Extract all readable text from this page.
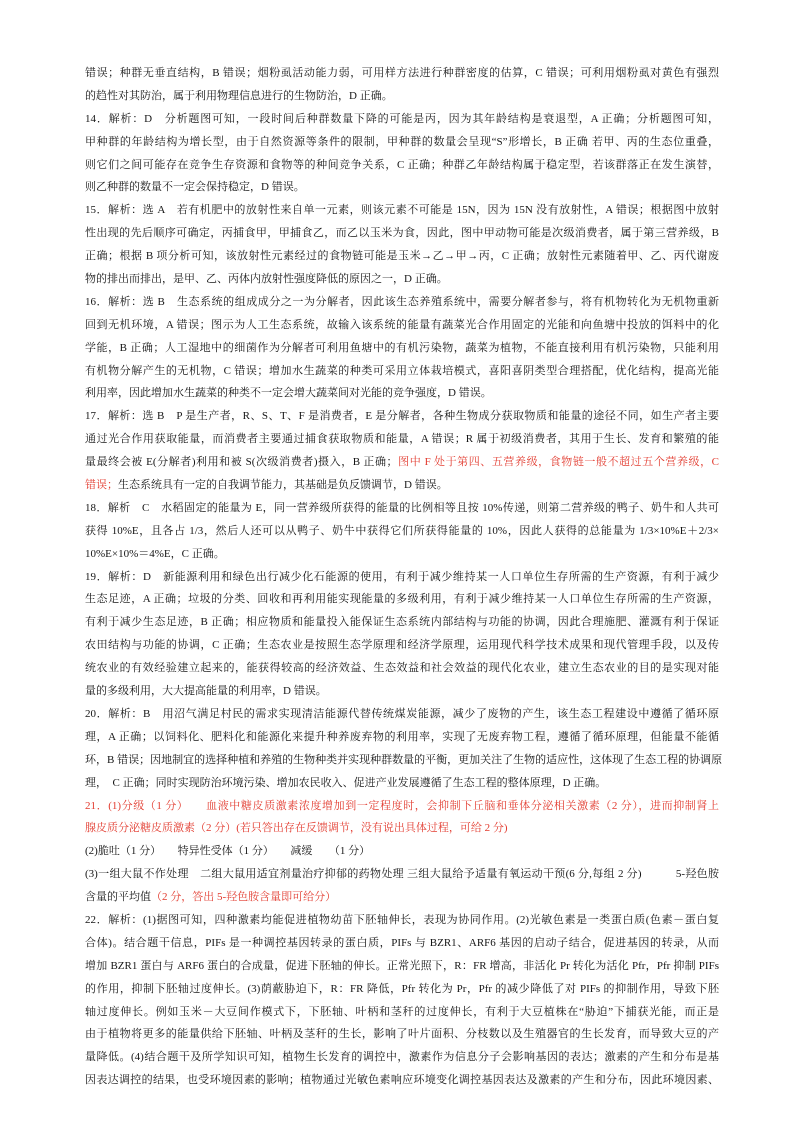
错误；种群无垂直结构，B 错误；烟粉虱活动能力弱，可用样方法进行种群密度的估算，C 错误；可利用烟粉虱对黄色有强烈
的趋性对其防治，属于利用物理信息进行的生物防治，D 正确。
14．解析：D　分析题图可知，一段时间后种群数量下降的可能是丙，因为其年龄结构是衰退型，A 正确；分析题图可知，
甲种群的年龄结构为增长型，由于自然资源等条件的限制，甲种群的数量会呈现“S”形增长，B 正确 若甲、丙的生态位重叠，
则它们之间可能存在竞争生存资源和食物等的种间竞争关系，C 正确；种群乙年龄结构属于稳定型，若该群落正在发生演替，
则乙种群的数量不一定会保持稳定，D 错误。
15．解析：选 A　若有机肥中的放射性来自单一元素，则该元素不可能是 15N，因为 15N 没有放射性，A 错误；根据图中放射
性出现的先后顺序可确定，丙捕食甲，甲捕食乙，而乙以玉米为食，因此，图中甲动物可能是次级消费者，属于第三营养级，B
正确；根据 B 项分析可知，该放射性元素经过的食物链可能是玉米→乙→甲→丙，C 正确；放射性元素随着甲、乙、丙代谢废
物的排出而排出，是甲、乙、丙体内放射性强度降低的原因之一，D 正确。
16．解析：选 B　生态系统的组成成分之一为分解者，因此该生态养殖系统中，需要分解者参与，将有机物转化为无机物重新
回到无机环境，A 错误；图示为人工生态系统，故输入该系统的能量有蔬菜光合作用固定的光能和向鱼塘中投放的饵料中的化
学能，B 正确；人工湿地中的细菌作为分解者可利用鱼塘中的有机污染物，蔬菜为植物，不能直接利用有机污染物，只能利用
有机物分解产生的无机物，C 错误；增加水生蔬菜的种类可采用立体栽培模式，喜阳喜阴类型合理搭配，优化结构，提高光能
利用率，因此增加水生蔬菜的种类不一定会增大蔬菜间对光能的竞争强度，D 错误。
17．解析：选 B　P 是生产者，R、S、T、F 是消费者，E 是分解者，各种生物成分获取物质和能量的途径不同，如生产者主要
通过光合作用获取能量，而消费者主要通过捕食获取物质和能量，A 错误；R 属于初级消费者，其用于生长、发育和繁殖的能
量最终会被 E(分解者)利用和被 S(次级消费者)摄入，B 正确；图中 F 处于第四、五营养级，食物链一般不超过五个营养级，C
错误；生态系统具有一定的自我调节能力，其基础是负反馈调节，D 错误。
18．解析　C　水稻固定的能量为 E，同一营养级所获得的能量的比例相等且按 10%传递，则第二营养级的鸭子、奶牛和人共可
获得 10%E，且各占 1/3，然后人还可以从鸭子、奶牛中获得它们所获得能量的 10%，因此人获得的总能量为 1/3×10%E＋2/3×
10%E×10%＝4%E，C 正确。
19．解析：D　新能源利用和绿色出行减少化石能源的使用，有利于减少维持某一人口单位生存所需的生产资源，有利于减少
生态足迹，A 正确；垃圾的分类、回收和再利用能实现能量的多级利用，有利于减少维持某一人口单位生存所需的生产资源，
有利于减少生态足迹，B 正确；相应物质和能量投入能保证生态系统内部结构与功能的协调，因此合理施肥、灌溉有利于保证
农田结构与功能的协调，C 正确；生态农业是按照生态学原理和经济学原理，运用现代科学技术成果和现代管理手段，以及传
统农业的有效经验建立起来的，能获得较高的经济效益、生态效益和社会效益的现代化农业，建立生态农业的目的是实现对能
量的多级利用，大大提高能量的利用率，D 错误。
20．解析：B　用沼气满足村民的需求实现清洁能源代替传统煤炭能源，减少了废物的产生，该生态工程建设中遵循了循环原
理，A 正确；以饲料化、肥料化和能源化来提升种养废弃物的利用率，实现了无废弃物工程，遵循了循环原理，但能量不能循
环，B 错误；因地制宜的选择种植和养殖的生物种类并实现种群数量的平衡，更加关注了生物的适应性，这体现了生态工程的协调原
理，　C 正确；同时实现防治环境污染、增加农民收入、促进产业发展遵循了生态工程的整体原理，D 正确。
21．(1)分级（1 分）　　血液中糖皮质激素浓度增加到一定程度时，会抑制下丘脑和垂体分泌相关激素（2 分），进而抑制肾上
腺皮质分泌糖皮质激素（2 分）(若只答出存在反馈调节，没有说出具体过程，可给 2 分)
(2)脆吐（1 分）　　特异性受体（1 分）　　减缓　　（1 分）
(3)一组大鼠不作处理　二组大鼠用适宜剂量治疗抑郁的药物处理 三组大鼠给予适量有氧运动干预(6 分,每组 2 分)　　　5-羟色胺
含量的平均值（2 分，答出 5-羟色胺含量即可给分）
22．解析：(1)据图可知，四种激素均能促进植物幼苗下胚轴伸长，表现为协同作用。(2)光敏色素是一类蛋白质(色素－蛋白复
合体)。结合题干信息，PIFs 是一种调控基因转录的蛋白质，PIFs 与 BZR1、ARF6 基因的启动子结合，促进基因的转录，从而
增加 BZR1 蛋白与 ARF6 蛋白的合成量，促进下胚轴的伸长。正常光照下，R：FR 增高，非活化 Pr 转化为活化 Pfr，Pfr 抑制 PIFs
的作用，抑制下胚轴过度伸长。(3)荫蔽胁迫下，R：FR 降低，Pfr 转化为 Pr，Pfr 的减少降低了对 PIFs 的抑制作用，导致下胚
轴过度伸长。例如玉米－大豆间作模式下，下胚轴、叶柄和茎秆的过度伸长，有利于大豆植株在“胁迫”下捕获光能，而正是
由于植物将更多的能量供给下胚轴、叶柄及茎秆的生长，影响了叶片面积、分枝数以及生殖器官的生长发育，而导致大豆的产
量降低。(4)结合题干及所学知识可知，植物生长发育的调控中，激素作为信息分子会影响基因的表达；激素的产生和分布是基
因表达调控的结果，也受环境因素的影响；植物通过光敏色素响应环境变化调控基因表达及激素的产生和分布，因此环境因素、
